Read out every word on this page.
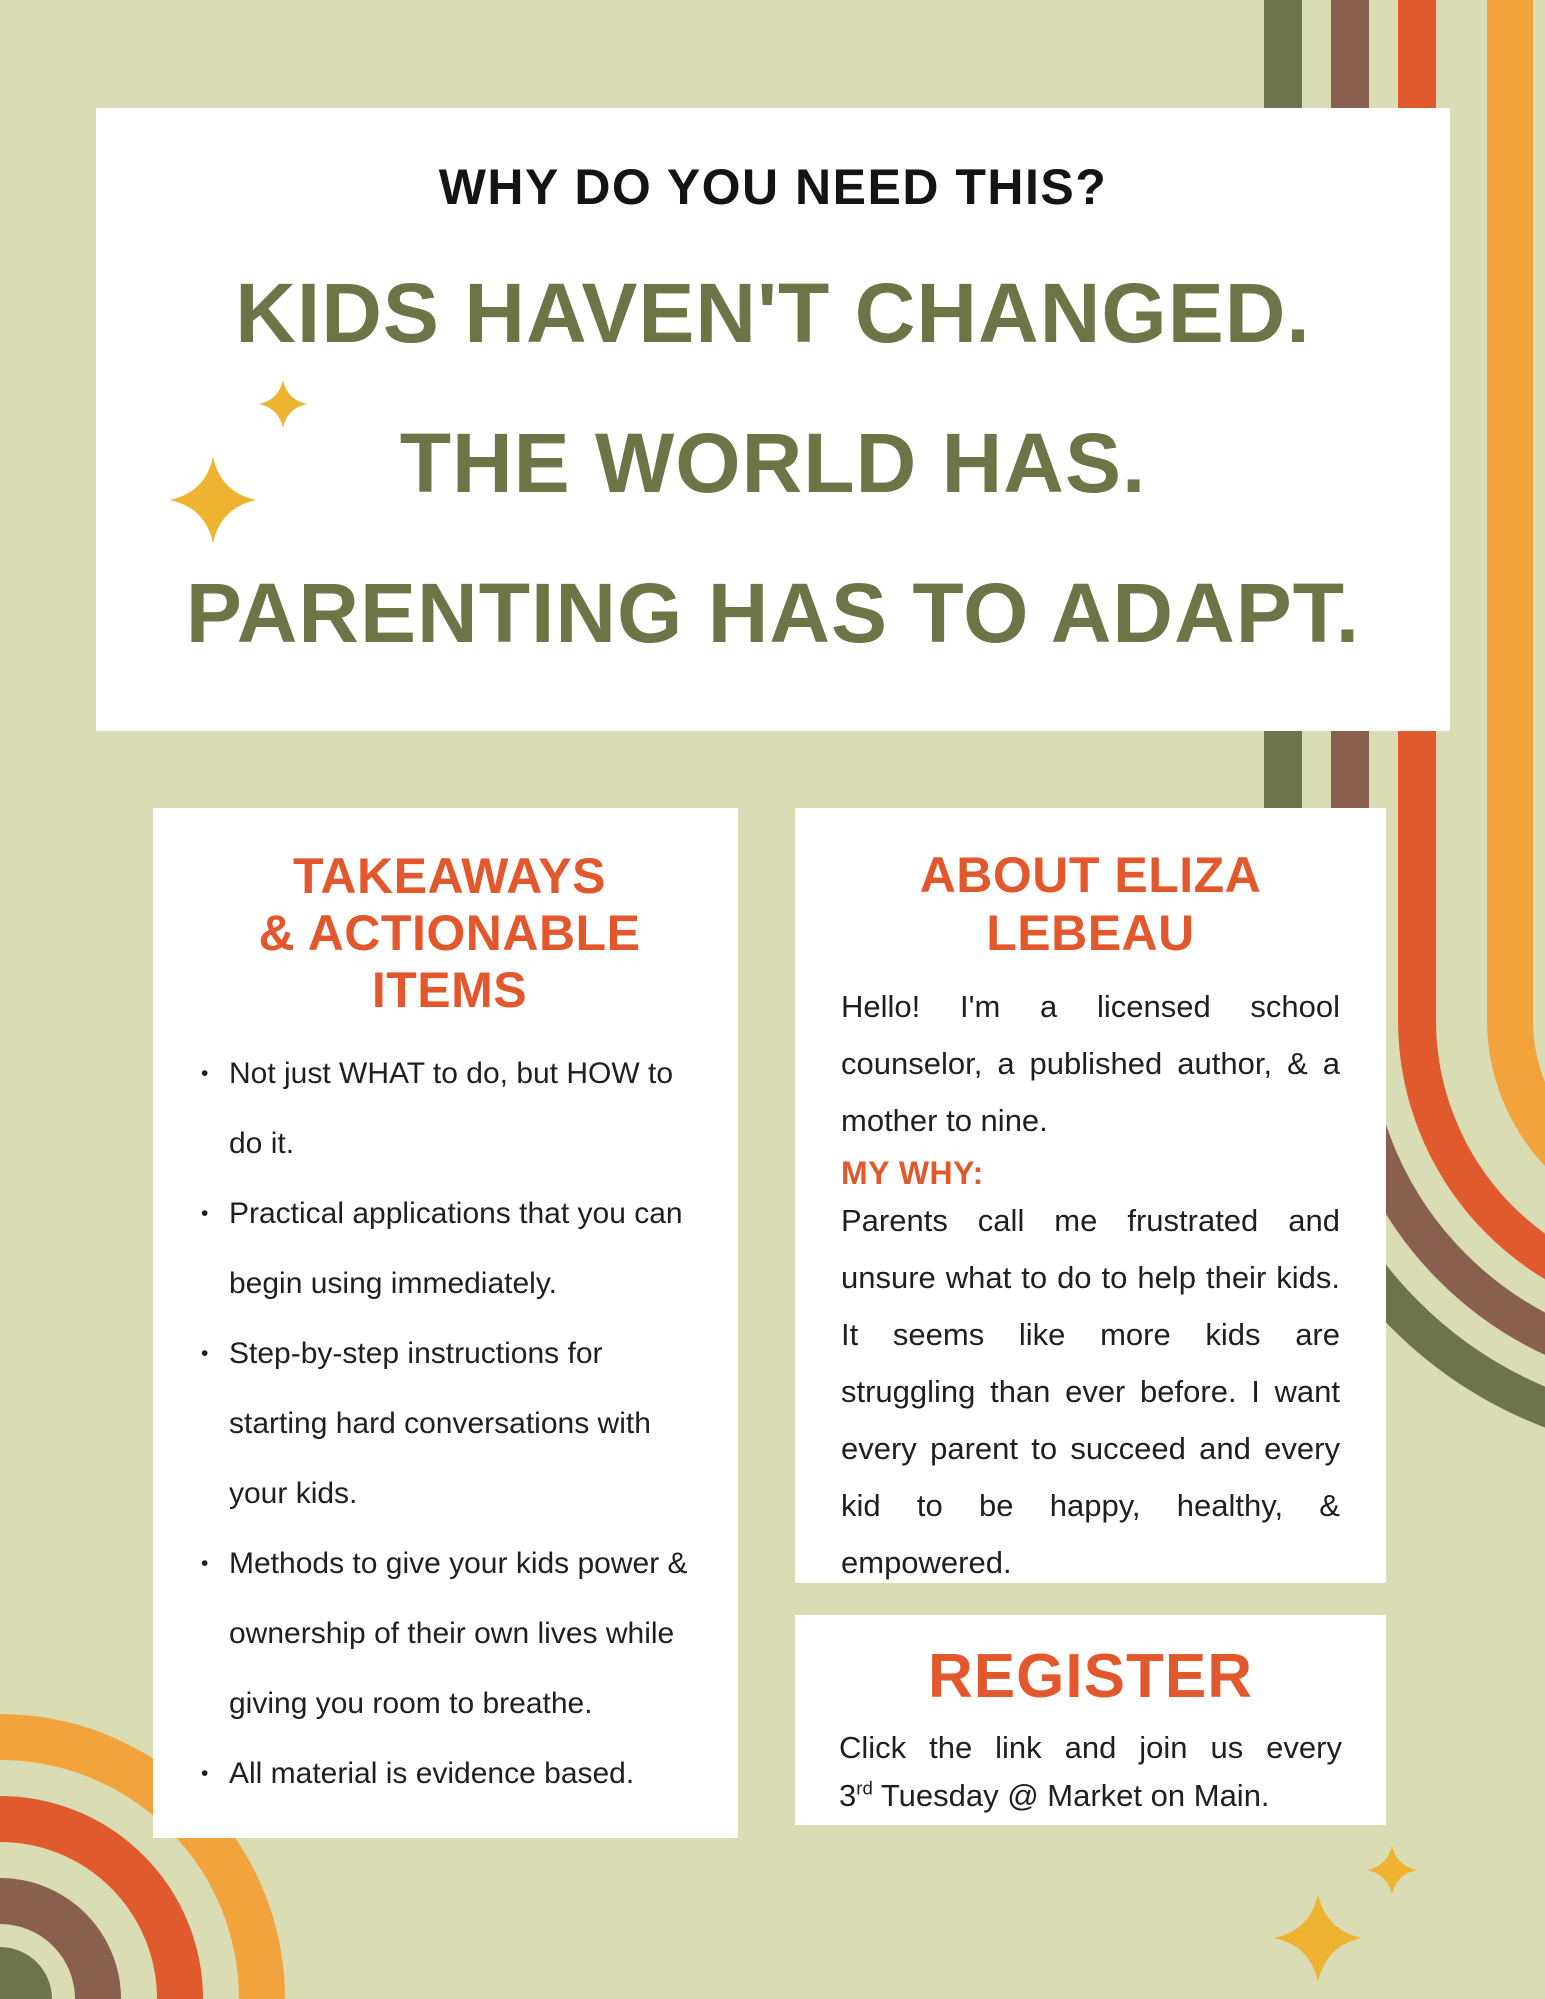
WHY DO YOU NEED THIS?
KIDS HAVEN'T CHANGED.
THE WORLD HAS.
PARENTING HAS TO ADAPT.
TAKEAWAYS
& ACTIONABLE ITEMS
• Not just WHAT to do, but HOW to do it.
• Practical applications that you can begin using immediately.
• Step-by-step instructions for starting hard conversations with your kids.
• Methods to give your kids power & ownership of their own lives while giving you room to breathe.
• All material is evidence based.
ABOUT ELIZA LEBEAU

Hello! I'm a licensed school counselor, a published author, & a mother to nine.

MY WHY:

Parents call me frustrated and unsure what to do to help their kids. It seems like more kids are struggling than ever before. I want every parent to succeed and every kid to be happy, healthy, & empowered.

REGISTER

Click the link and join us every

3rd Tuesday @ Market on Main.
